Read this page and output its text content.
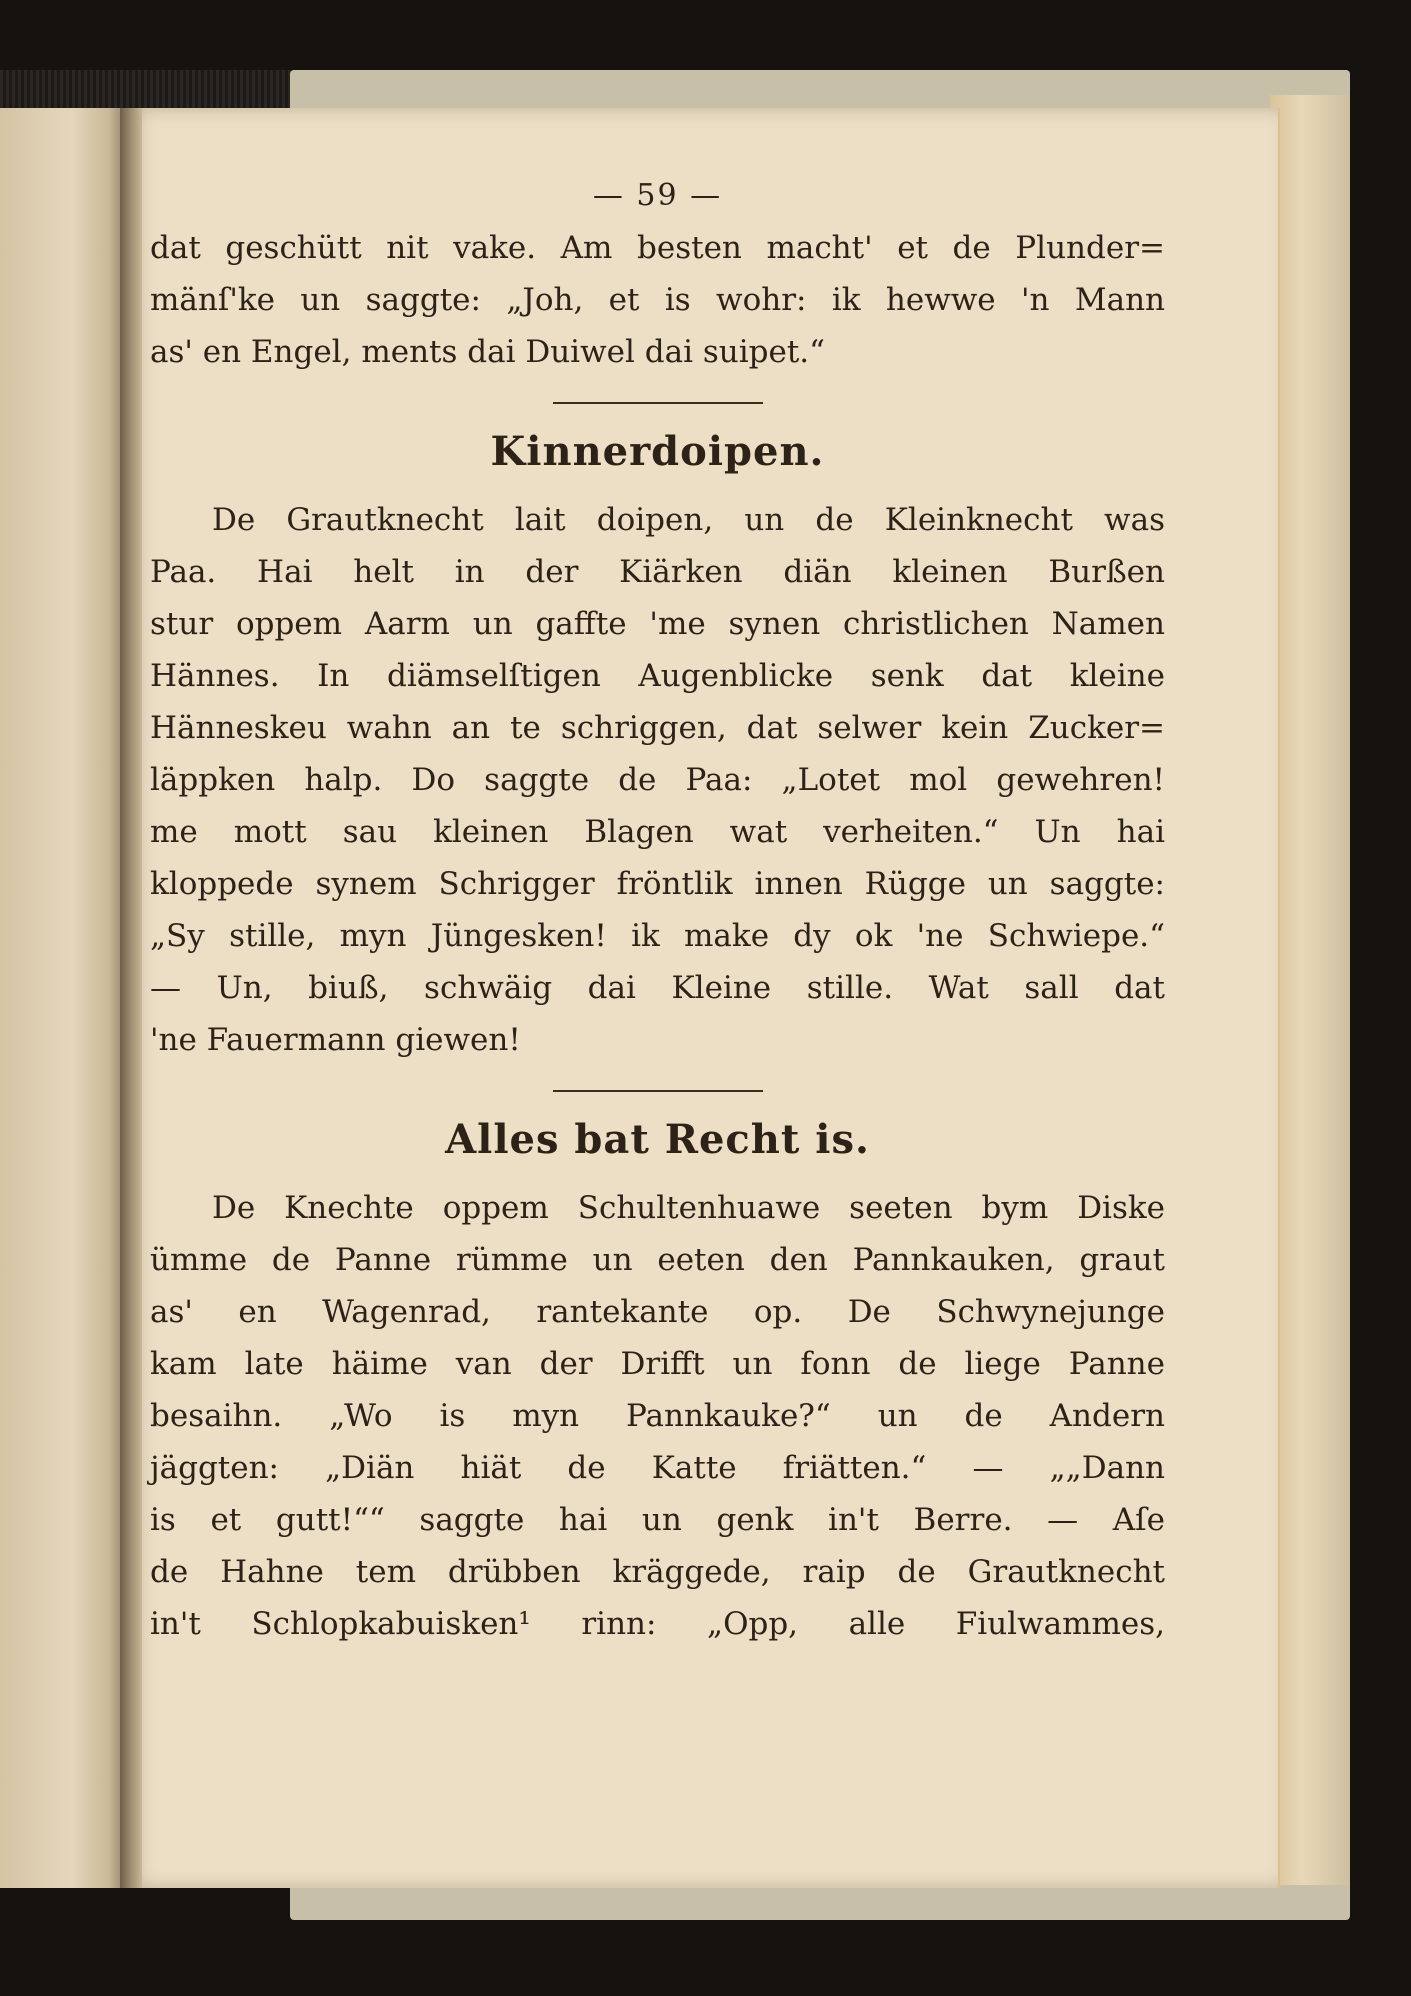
— 59 —

dat geschütt nit vake. Am besten macht' et de Plunder=
mänſ'ke un saggte: „Joh, et is wohr: ik hewwe 'n Mann
as' en Engel, ments dai Duiwel dai suipet.“

Kinnerdoipen.

De Grautknecht lait doipen, un de Kleinknecht was
Paa. Hai helt in der Kiärken diän kleinen Burßen
stur oppem Aarm un gaffte 'me synen christlichen Namen
Hännes. In diämselſtigen Augenblicke senk dat kleine
Hänneskeu wahn an te schriggen, dat selwer kein Zucker=
läppken halp. Do saggte de Paa: „Lotet mol gewehren!
me mott sau kleinen Blagen wat verheiten.“ Un hai
kloppede synem Schrigger fröntlik innen Rügge un saggte:
„Sy stille, myn Jüngesken! ik make dy ok 'ne Schwiepe.“
— Un, biuß, schwäig dai Kleine stille. Wat sall dat
'ne Fauermann giewen!

Alles bat Recht is.

De Knechte oppem Schultenhuawe seeten bym Diske
ümme de Panne rümme un eeten den Pannkauken, graut
as' en Wagenrad, rantekante op. De Schwynejunge
kam late häime van der Drifft un fonn de liege Panne
besaihn. „Wo is myn Pannkauke?“ un de Andern
jäggten: „Diän hiät de Katte friätten.“ — „„Dann
is et gutt!““ saggte hai un genk in't Berre. — Aſe
de Hahne tem drübben kräggede, raip de Grautknecht
in't Schlopkabuisken¹ rinn: „Opp, alle Fiulwammes,
